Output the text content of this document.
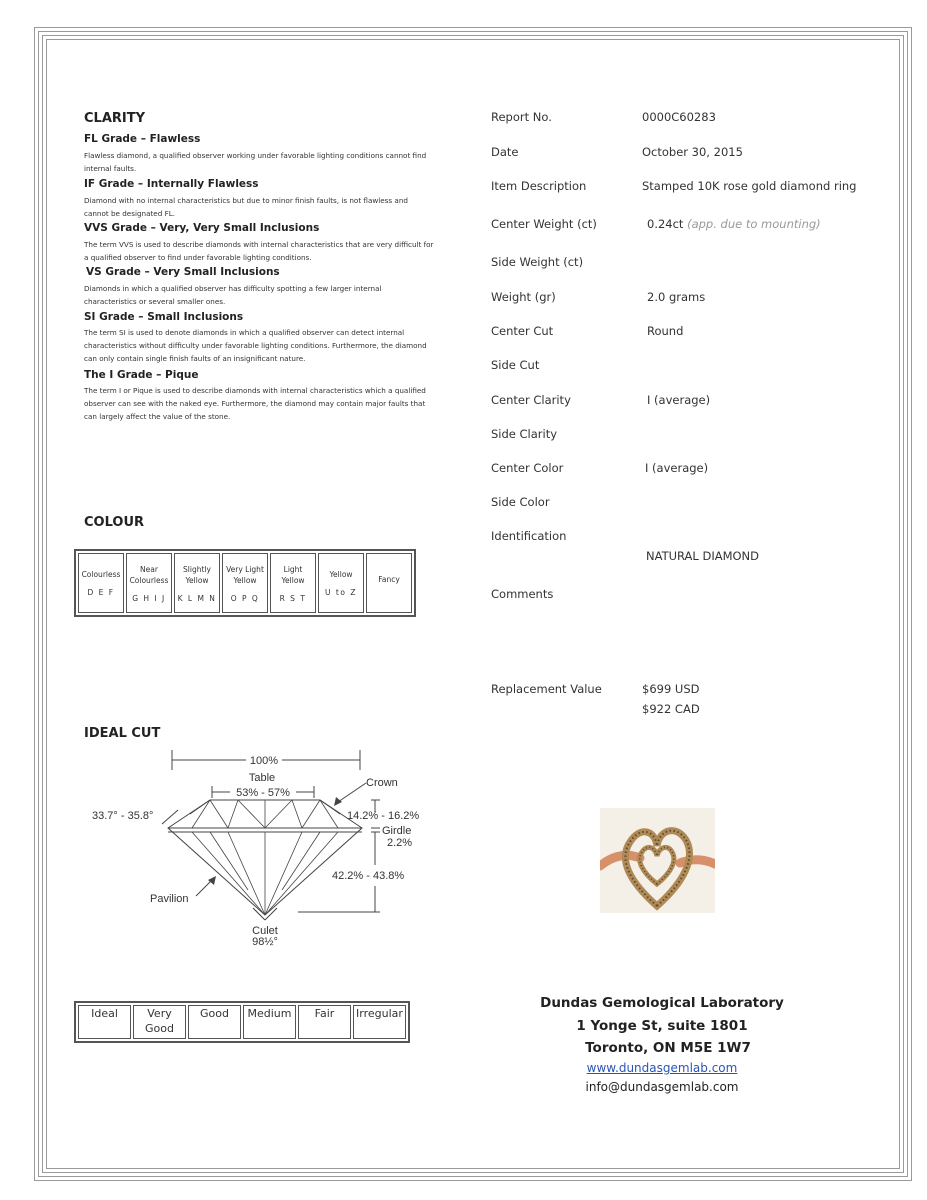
CLARITY
FL Grade – Flawless
Flawless diamond, a qualified observer working under favorable lighting conditions cannot find internal faults.
IF Grade – Internally Flawless
Diamond with no internal characteristics but due to minor finish faults, is not flawless and cannot be designated FL.
VVS Grade – Very, Very Small Inclusions
The term VVS is used to describe diamonds with internal characteristics that are very difficult for a qualified observer to find under favorable lighting conditions.
VS Grade – Very Small Inclusions
Diamonds in which a qualified observer has difficulty spotting a few larger internal characteristics or several smaller ones.
SI Grade – Small Inclusions
The term SI is used to denote diamonds in which a qualified observer can detect internal characteristics without difficulty under favorable lighting conditions. Furthermore, the diamond can only contain single finish faults of an insignificant nature.
The I Grade – Pique
The term I or Pique is used to describe diamonds with internal characteristics which a qualified observer can see with the naked eye. Furthermore, the diamond may contain major faults that can largely affect the value of the stone.
COLOUR
Colourless
D E F

Near Colourless
G H I J

Slightly Yellow
K L M N

Very Light Yellow
O P Q

Light Yellow
R S T

Yellow
U to Z

Fancy
IDEAL CUT
100%
Table
53% - 57%
Crown
33.7° - 35.8°	14.2% - 16.2%
Girdle
2.2%
42.2% - 43.8%
Pavilion
Culet
98½°
Ideal	Very Good	Good	Medium	Fair	Irregular
Report No.	0000C60283
Date	October 30, 2015
Item Description	Stamped 10K rose gold diamond ring
Center Weight (ct)	0.24ct (app. due to mounting)
Side Weight (ct)
Weight (gr)	2.0 grams
Center Cut	Round
Side Cut
Center Clarity	I (average)
Side Clarity
Center Color	I (average)
Side Color
Identification
NATURAL DIAMOND
Comments
Replacement Value	$699 USD
$922 CAD
Dundas Gemological Laboratory
1 Yonge St, suite 1801
Toronto, ON M5E 1W7
www.dundasgemlab.com
info@dundasgemlab.com
